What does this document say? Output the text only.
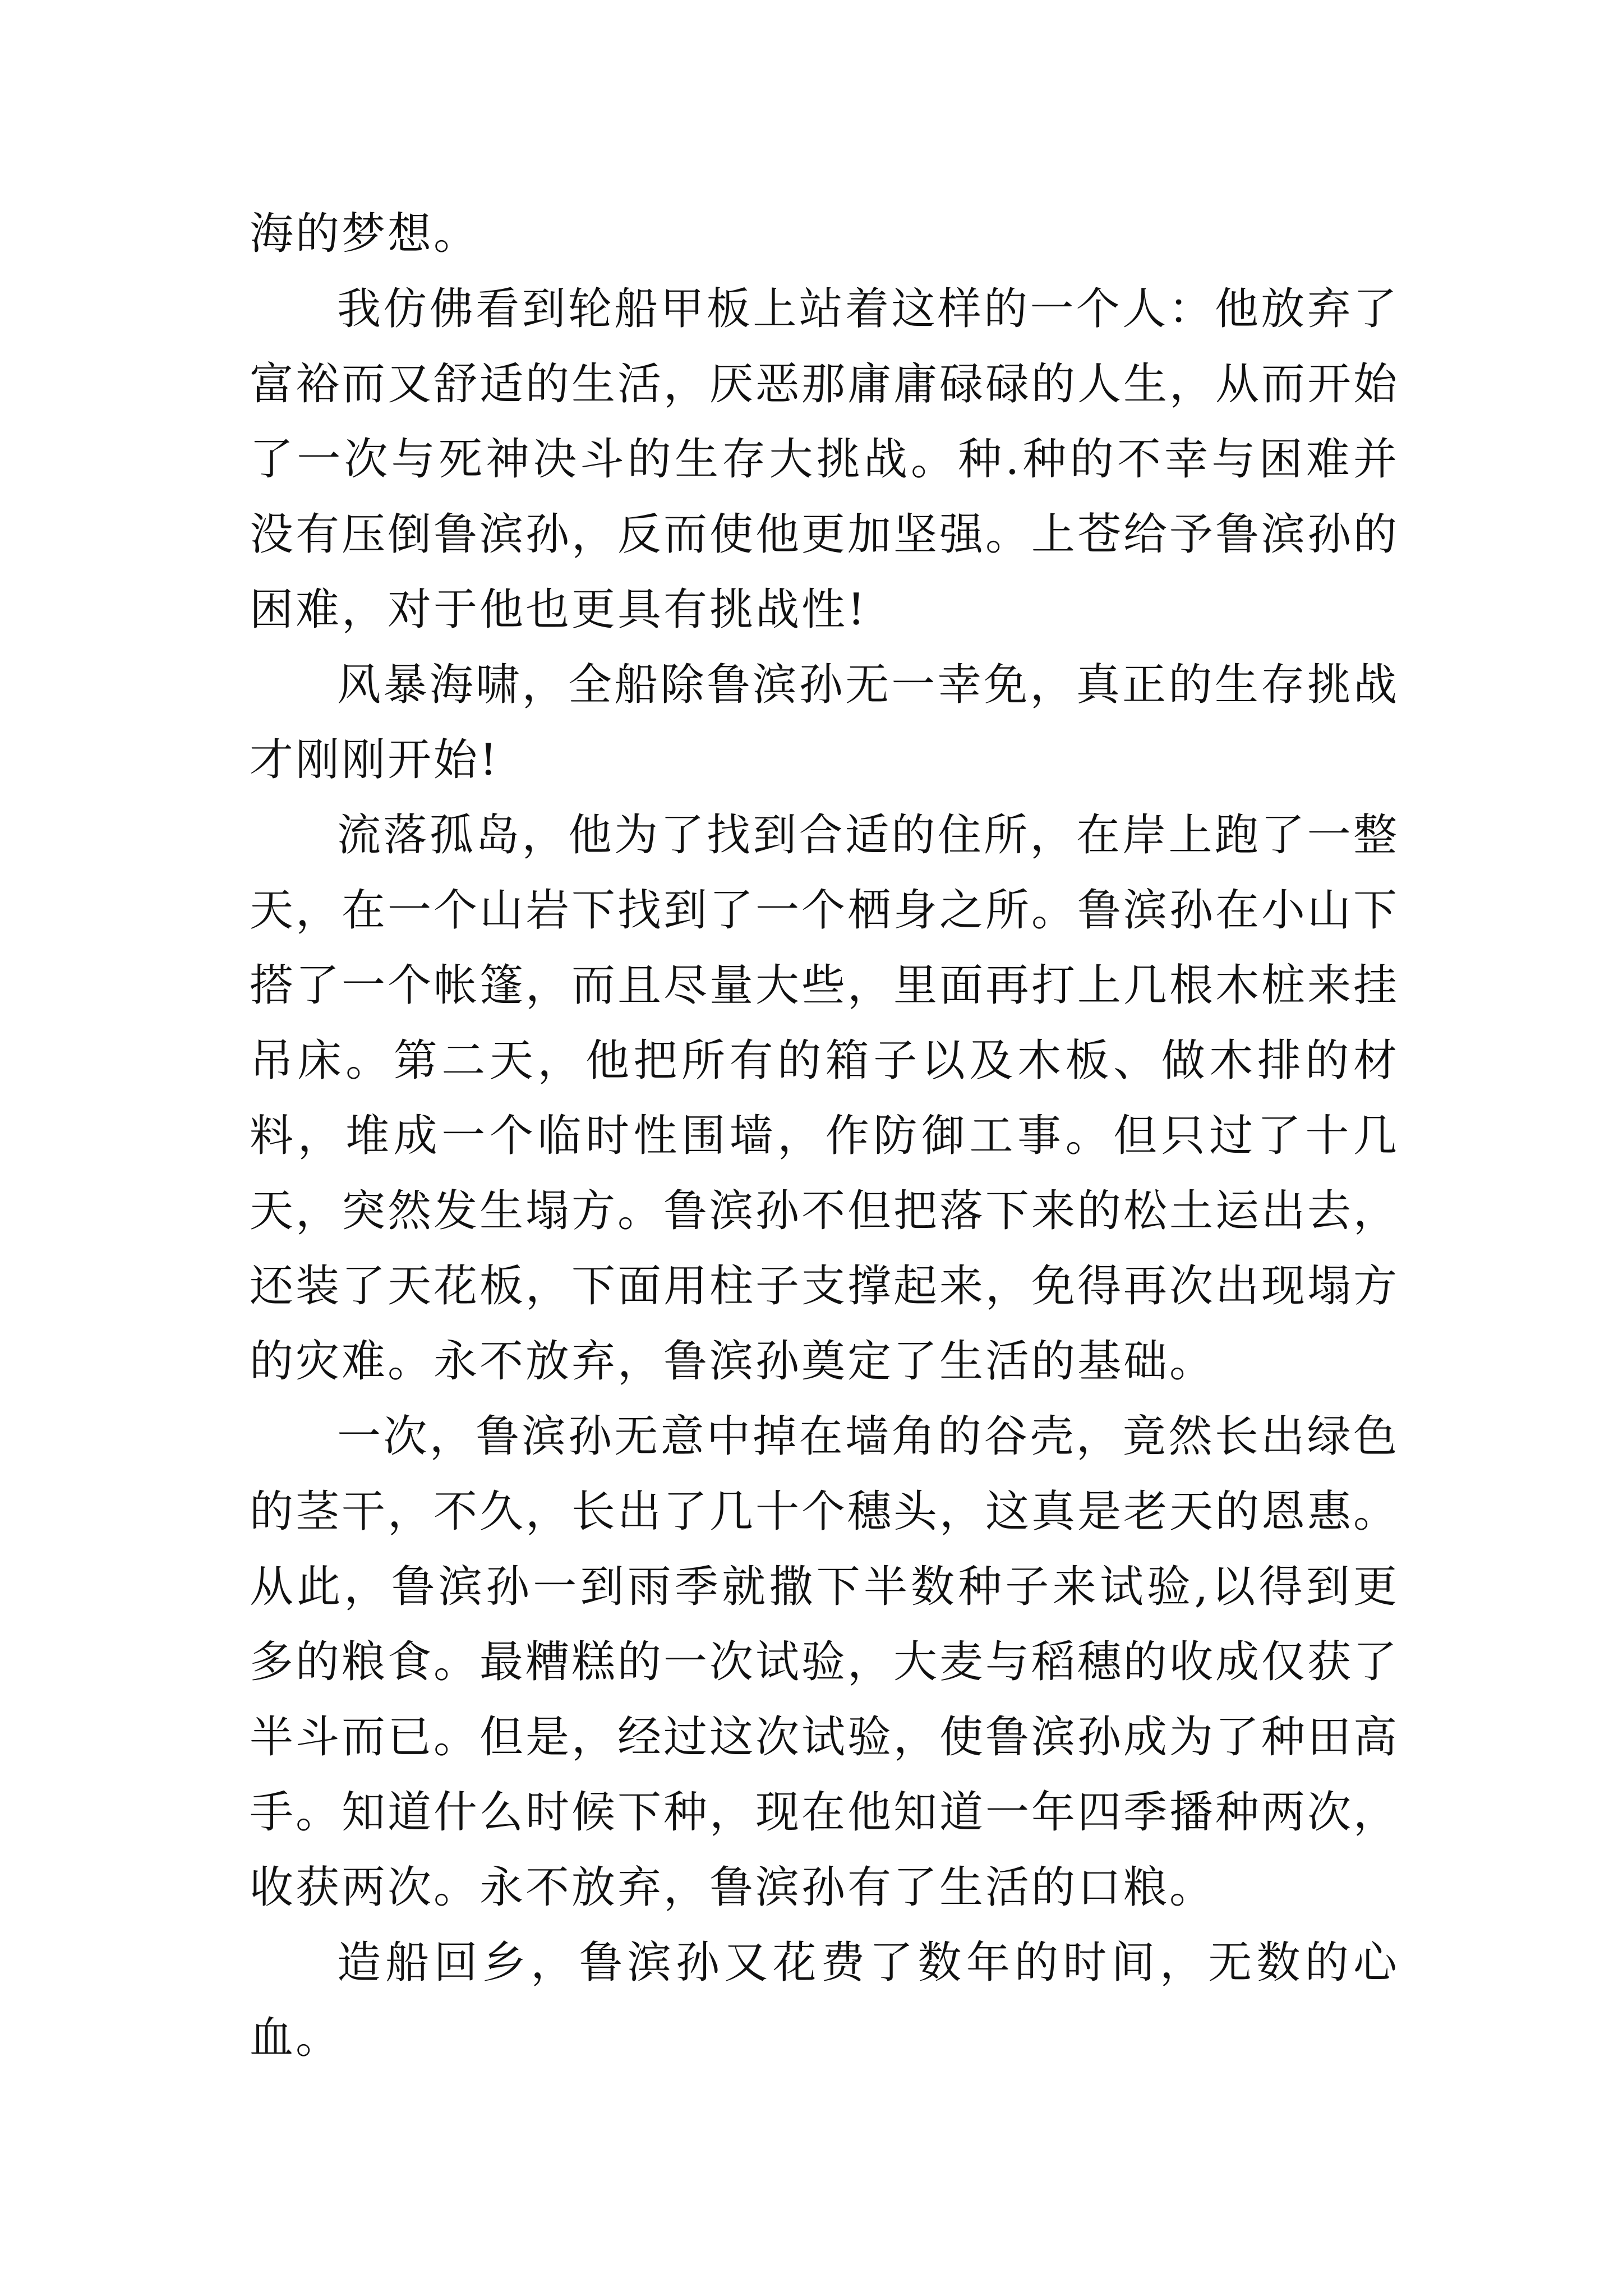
海的梦想。

我仿佛看到轮船甲板上站着这样的一个人：他放弃了富裕而又舒适的生活，厌恶那庸庸碌碌的人生，从而开始了一次与死神决斗的生存大挑战。种.种的不幸与困难并没有压倒鲁滨孙，反而使他更加坚强。上苍给予鲁滨孙的困难，对于他也更具有挑战性!

风暴海啸，全船除鲁滨孙无一幸免，真正的生存挑战才刚刚开始!

流落孤岛，他为了找到合适的住所，在岸上跑了一整天，在一个山岩下找到了一个栖身之所。鲁滨孙在小山下搭了一个帐篷，而且尽量大些，里面再打上几根木桩来挂吊床。第二天，他把所有的箱子以及木板、做木排的材料，堆成一个临时性围墙，作防御工事。但只过了十几天，突然发生塌方。鲁滨孙不但把落下来的松土运出去，还装了天花板，下面用柱子支撑起来，免得再次出现塌方的灾难。永不放弃，鲁滨孙奠定了生活的基础。

一次，鲁滨孙无意中掉在墙角的谷壳，竟然长出绿色的茎干，不久，长出了几十个穗头，这真是老天的恩惠。从此，鲁滨孙一到雨季就撒下半数种子来试验,以得到更多的粮食。最糟糕的一次试验，大麦与稻穗的收成仅获了半斗而已。但是，经过这次试验，使鲁滨孙成为了种田高手。知道什么时候下种，现在他知道一年四季播种两次，收获两次。永不放弃，鲁滨孙有了生活的口粮。

造船回乡，鲁滨孙又花费了数年的时间，无数的心血。
